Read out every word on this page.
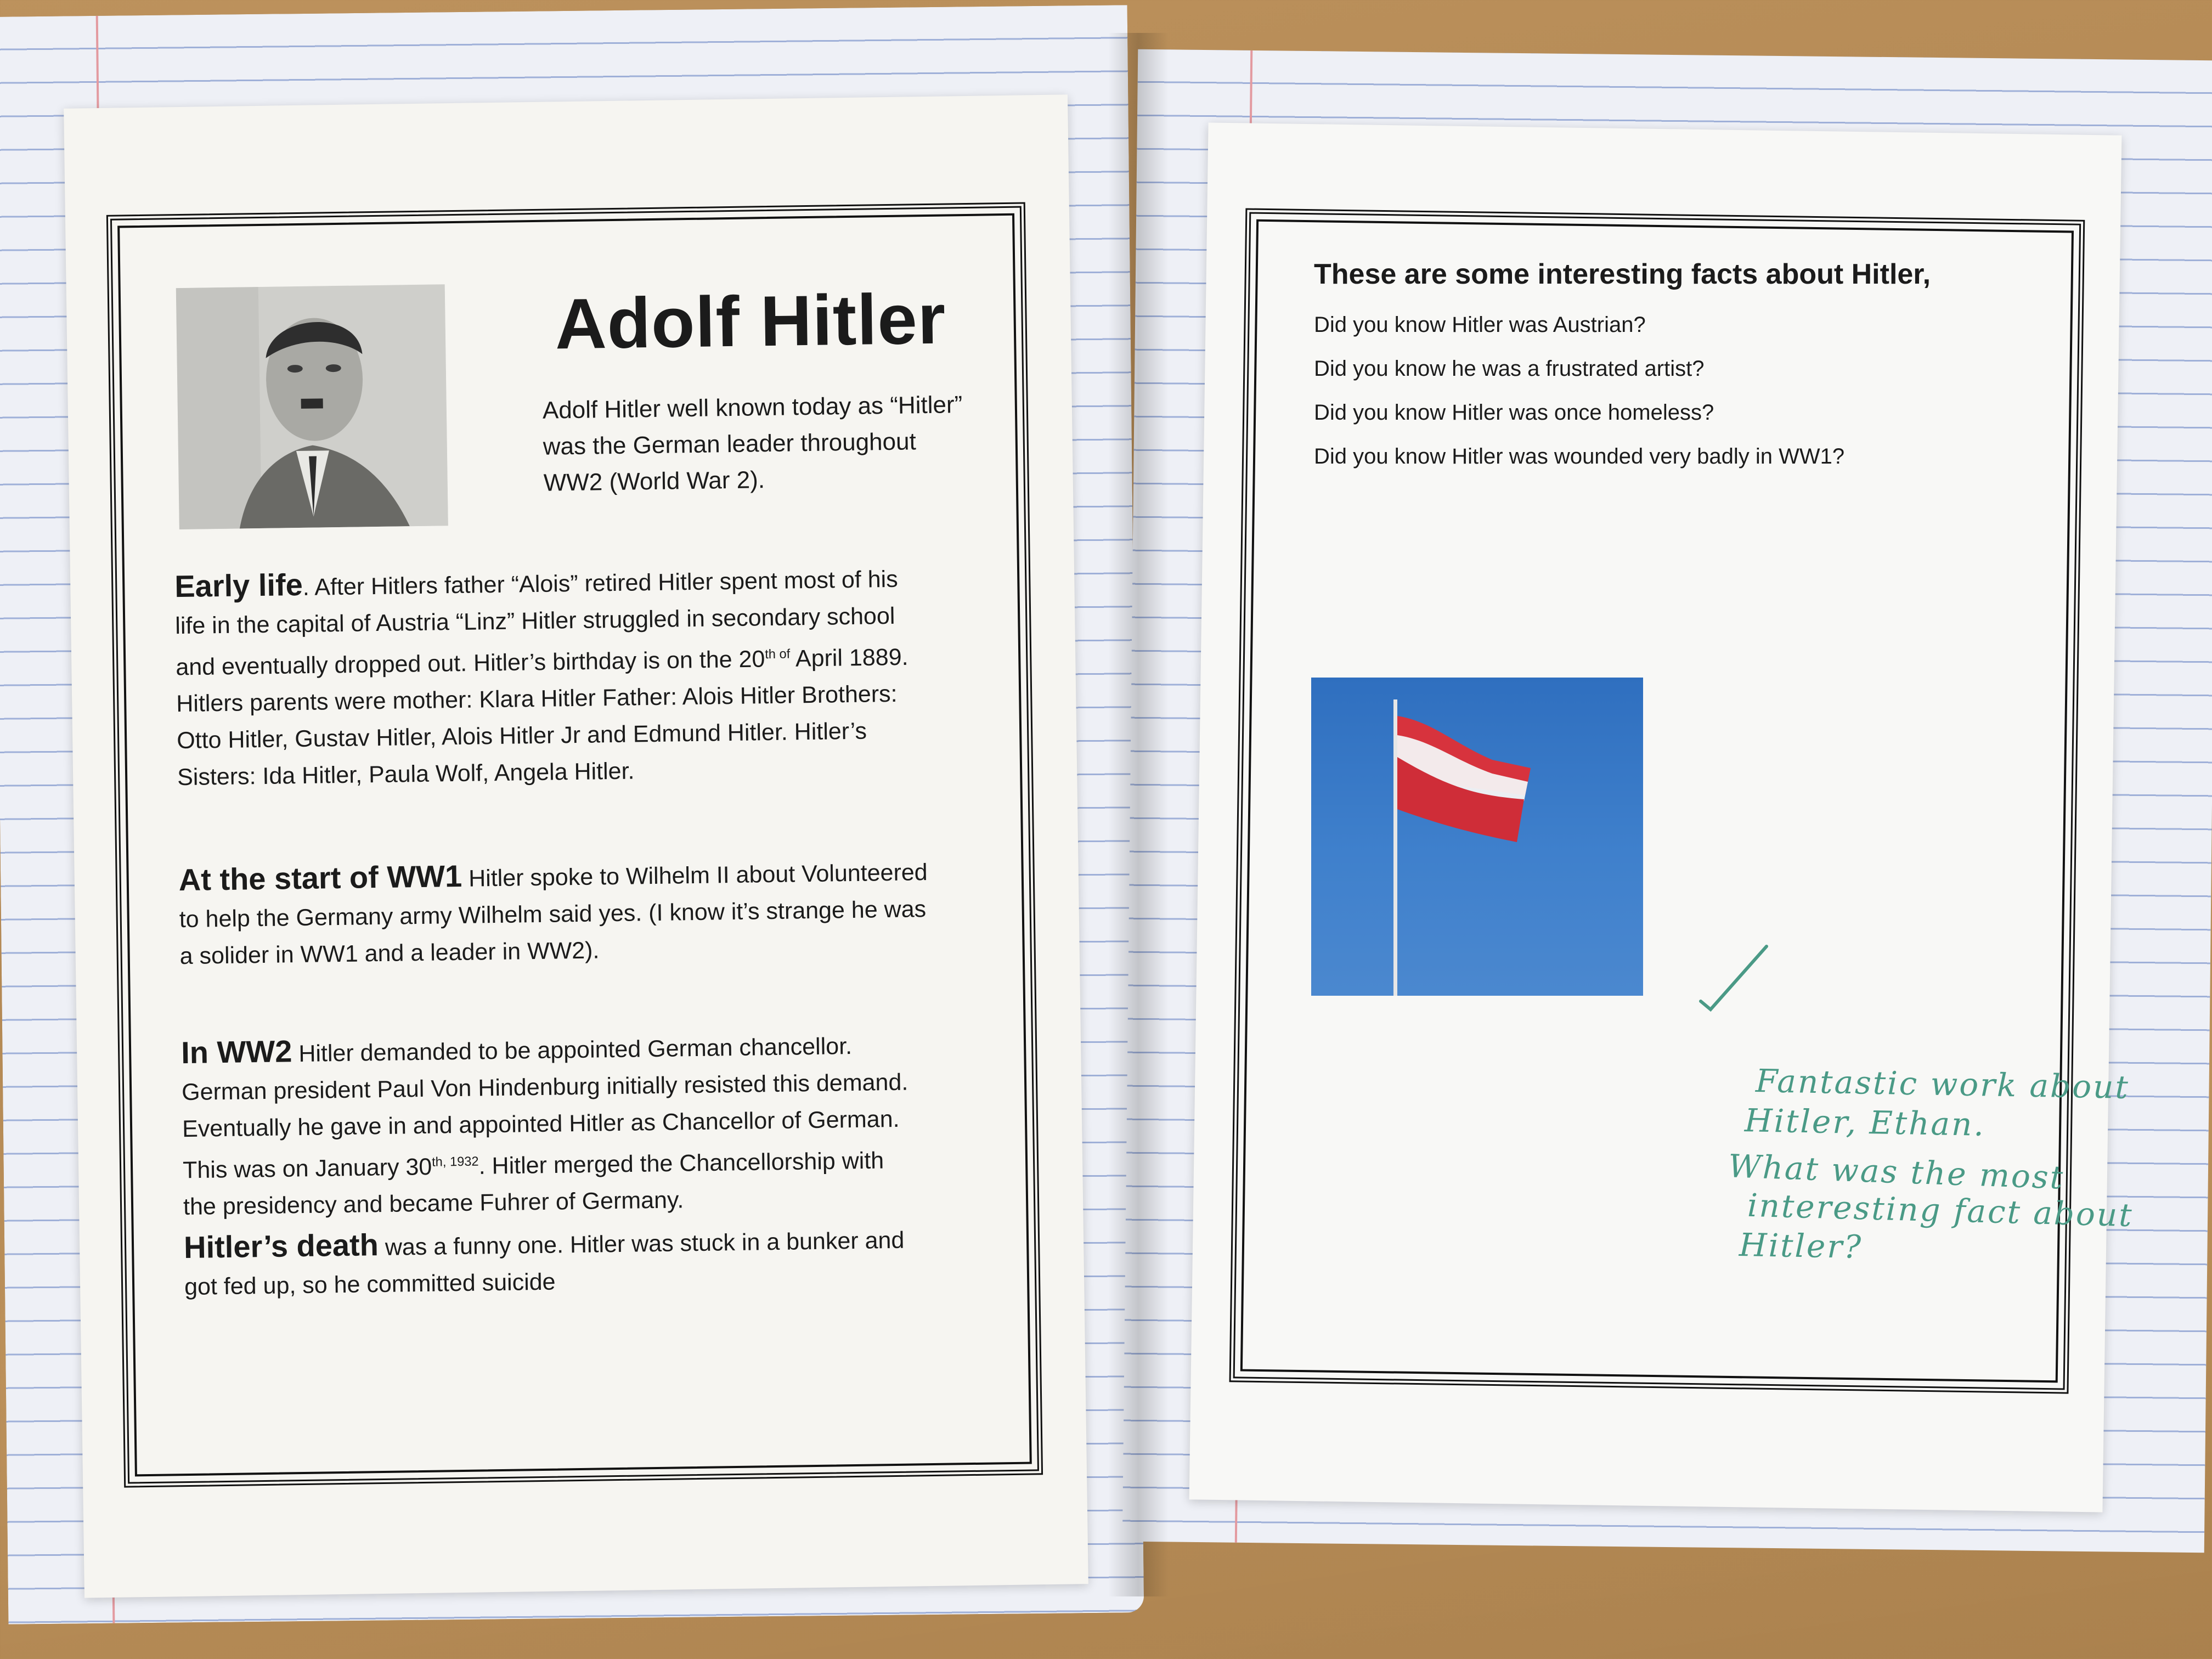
Adolf Hitler
Adolf Hitler well known today as “Hitler”
was the German leader throughout
WW2 (World War 2).
Early life. After Hitlers father “Alois” retired Hitler spent most of his
life in the capital of Austria “Linz” Hitler struggled in secondary school
and eventually dropped out. Hitler’s birthday is on the $20^{th of}$ April 1889.
Hitlers parents were mother: Klara Hitler Father: Alois Hitler Brothers:
Otto Hitler, Gustav Hitler, Alois Hitler Jr and Edmund Hitler. Hitler’s
Sisters: Ida Hitler, Paula Wolf, Angela Hitler.
At the start of WW1 Hitler spoke to Wilhelm II about Volunteered
to help the Germany army Wilhelm said yes. (I know it’s strange he was
a solider in WW1 and a leader in WW2).
In WW2 Hitler demanded to be appointed German chancellor.
German president Paul Von Hindenburg initially resisted this demand.
Eventually he gave in and appointed Hitler as Chancellor of German.
This was on January $30^{th, 1932}$. Hitler merged the Chancellorship with
the presidency and became Fuhrer of Germany.
Hitler’s death was a funny one. Hitler was stuck in a bunker and
got fed up, so he committed suicide
These are some interesting facts about Hitler,
Did you know Hitler was Austrian?
Did you know he was a frustrated artist?
Did you know Hitler was once homeless?
Did you know Hitler was wounded very badly in WW1?
Fantastic work about
Hitler, Ethan.
What was the most
interesting fact about
Hitler?
